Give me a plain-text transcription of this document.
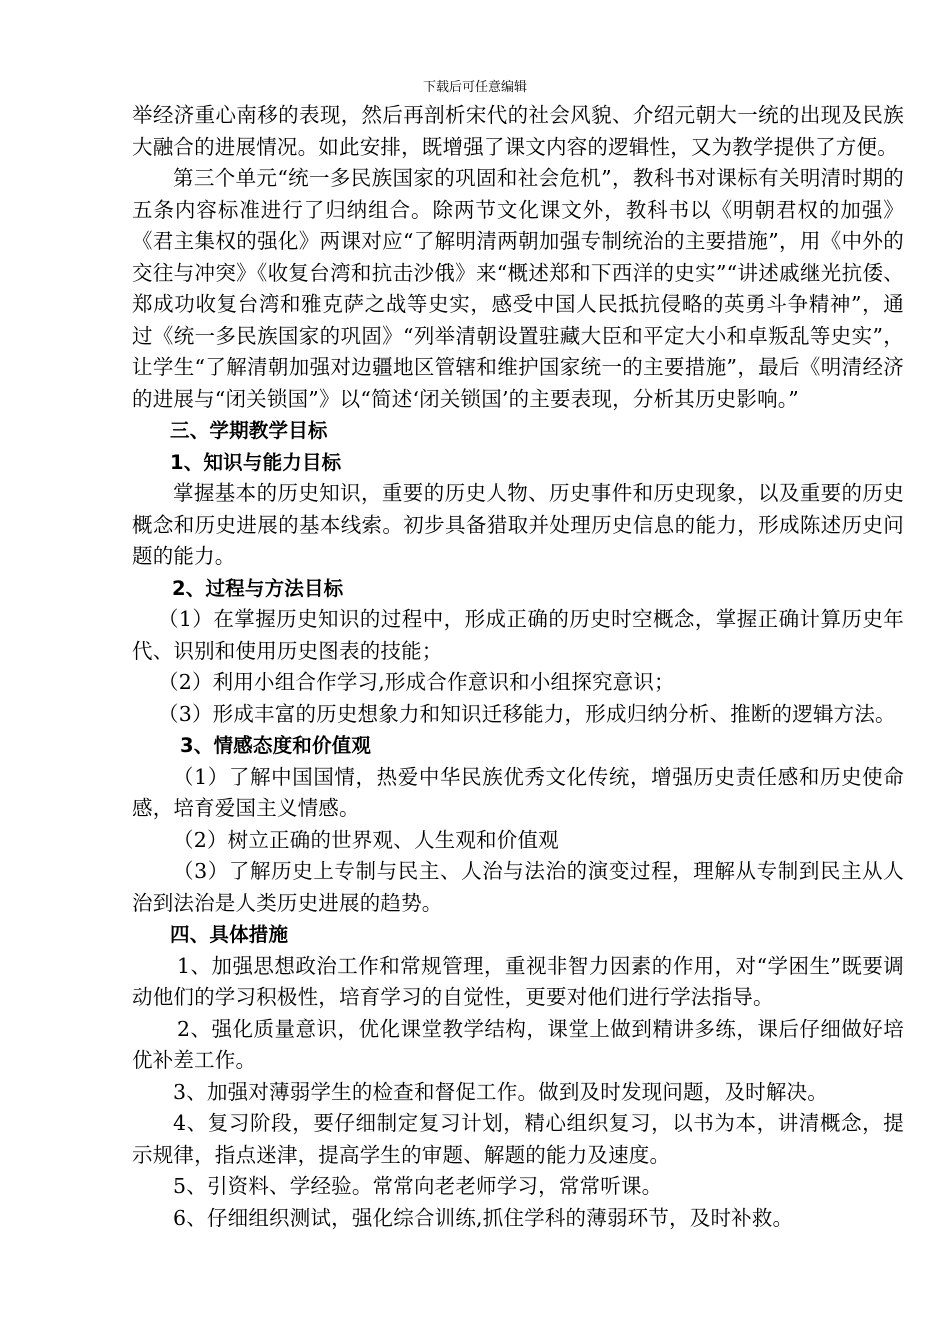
下载后可任意编辑

举经济重心南移的表现，然后再剖析宋代的社会风貌、介绍元朝大一统的出现及民族大融合的进展情况。如此安排，既增强了课文内容的逻辑性，又为教学提供了方便。

第三个单元“统一多民族国家的巩固和社会危机”，教科书对课标有关明清时期的五条内容标准进行了归纳组合。除两节文化课文外，教科书以《明朝君权的加强》《君主集权的强化》两课对应“了解明清两朝加强专制统治的主要措施”，用《中外的交往与冲突》《收复台湾和抗击沙俄》来“概述郑和下西洋的史实”“讲述戚继光抗倭、郑成功收复台湾和雅克萨之战等史实，感受中国人民抵抗侵略的英勇斗争精神”，通过《统一多民族国家的巩固》“列举清朝设置驻藏大臣和平定大小和卓叛乱等史实”，让学生“了解清朝加强对边疆地区管辖和维护国家统一的主要措施”，最后《明清经济的进展与“闭关锁国”》以“简述‘闭关锁国’的主要表现，分析其历史影响。”

三、学期教学目标

1、知识与能力目标

掌握基本的历史知识，重要的历史人物、历史事件和历史现象，以及重要的历史概念和历史进展的基本线索。初步具备猎取并处理历史信息的能力，形成陈述历史问题的能力。

2、过程与方法目标

（1）在掌握历史知识的过程中，形成正确的历史时空概念，掌握正确计算历史年代、识别和使用历史图表的技能；

（2）利用小组合作学习,形成合作意识和小组探究意识；

（3）形成丰富的历史想象力和知识迁移能力，形成归纳分析、推断的逻辑方法。

3、情感态度和价值观

（1）了解中国国情，热爱中华民族优秀文化传统，增强历史责任感和历史使命感，培育爱国主义情感。

（2）树立正确的世界观、人生观和价值观

（3）了解历史上专制与民主、人治与法治的演变过程，理解从专制到民主从人治到法治是人类历史进展的趋势。

四、具体措施

1、加强思想政治工作和常规管理，重视非智力因素的作用，对“学困生”既要调动他们的学习积极性，培育学习的自觉性，更要对他们进行学法指导。

2、强化质量意识，优化课堂教学结构，课堂上做到精讲多练，课后仔细做好培优补差工作。

3、加强对薄弱学生的检查和督促工作。做到及时发现问题，及时解决。

4、复习阶段，要仔细制定复习计划，精心组织复习，以书为本，讲清概念，提示规律，指点迷津，提高学生的审题、解题的能力及速度。

5、引资料、学经验。常常向老老师学习，常常听课。

6、仔细组织测试，强化综合训练,抓住学科的薄弱环节，及时补救。
